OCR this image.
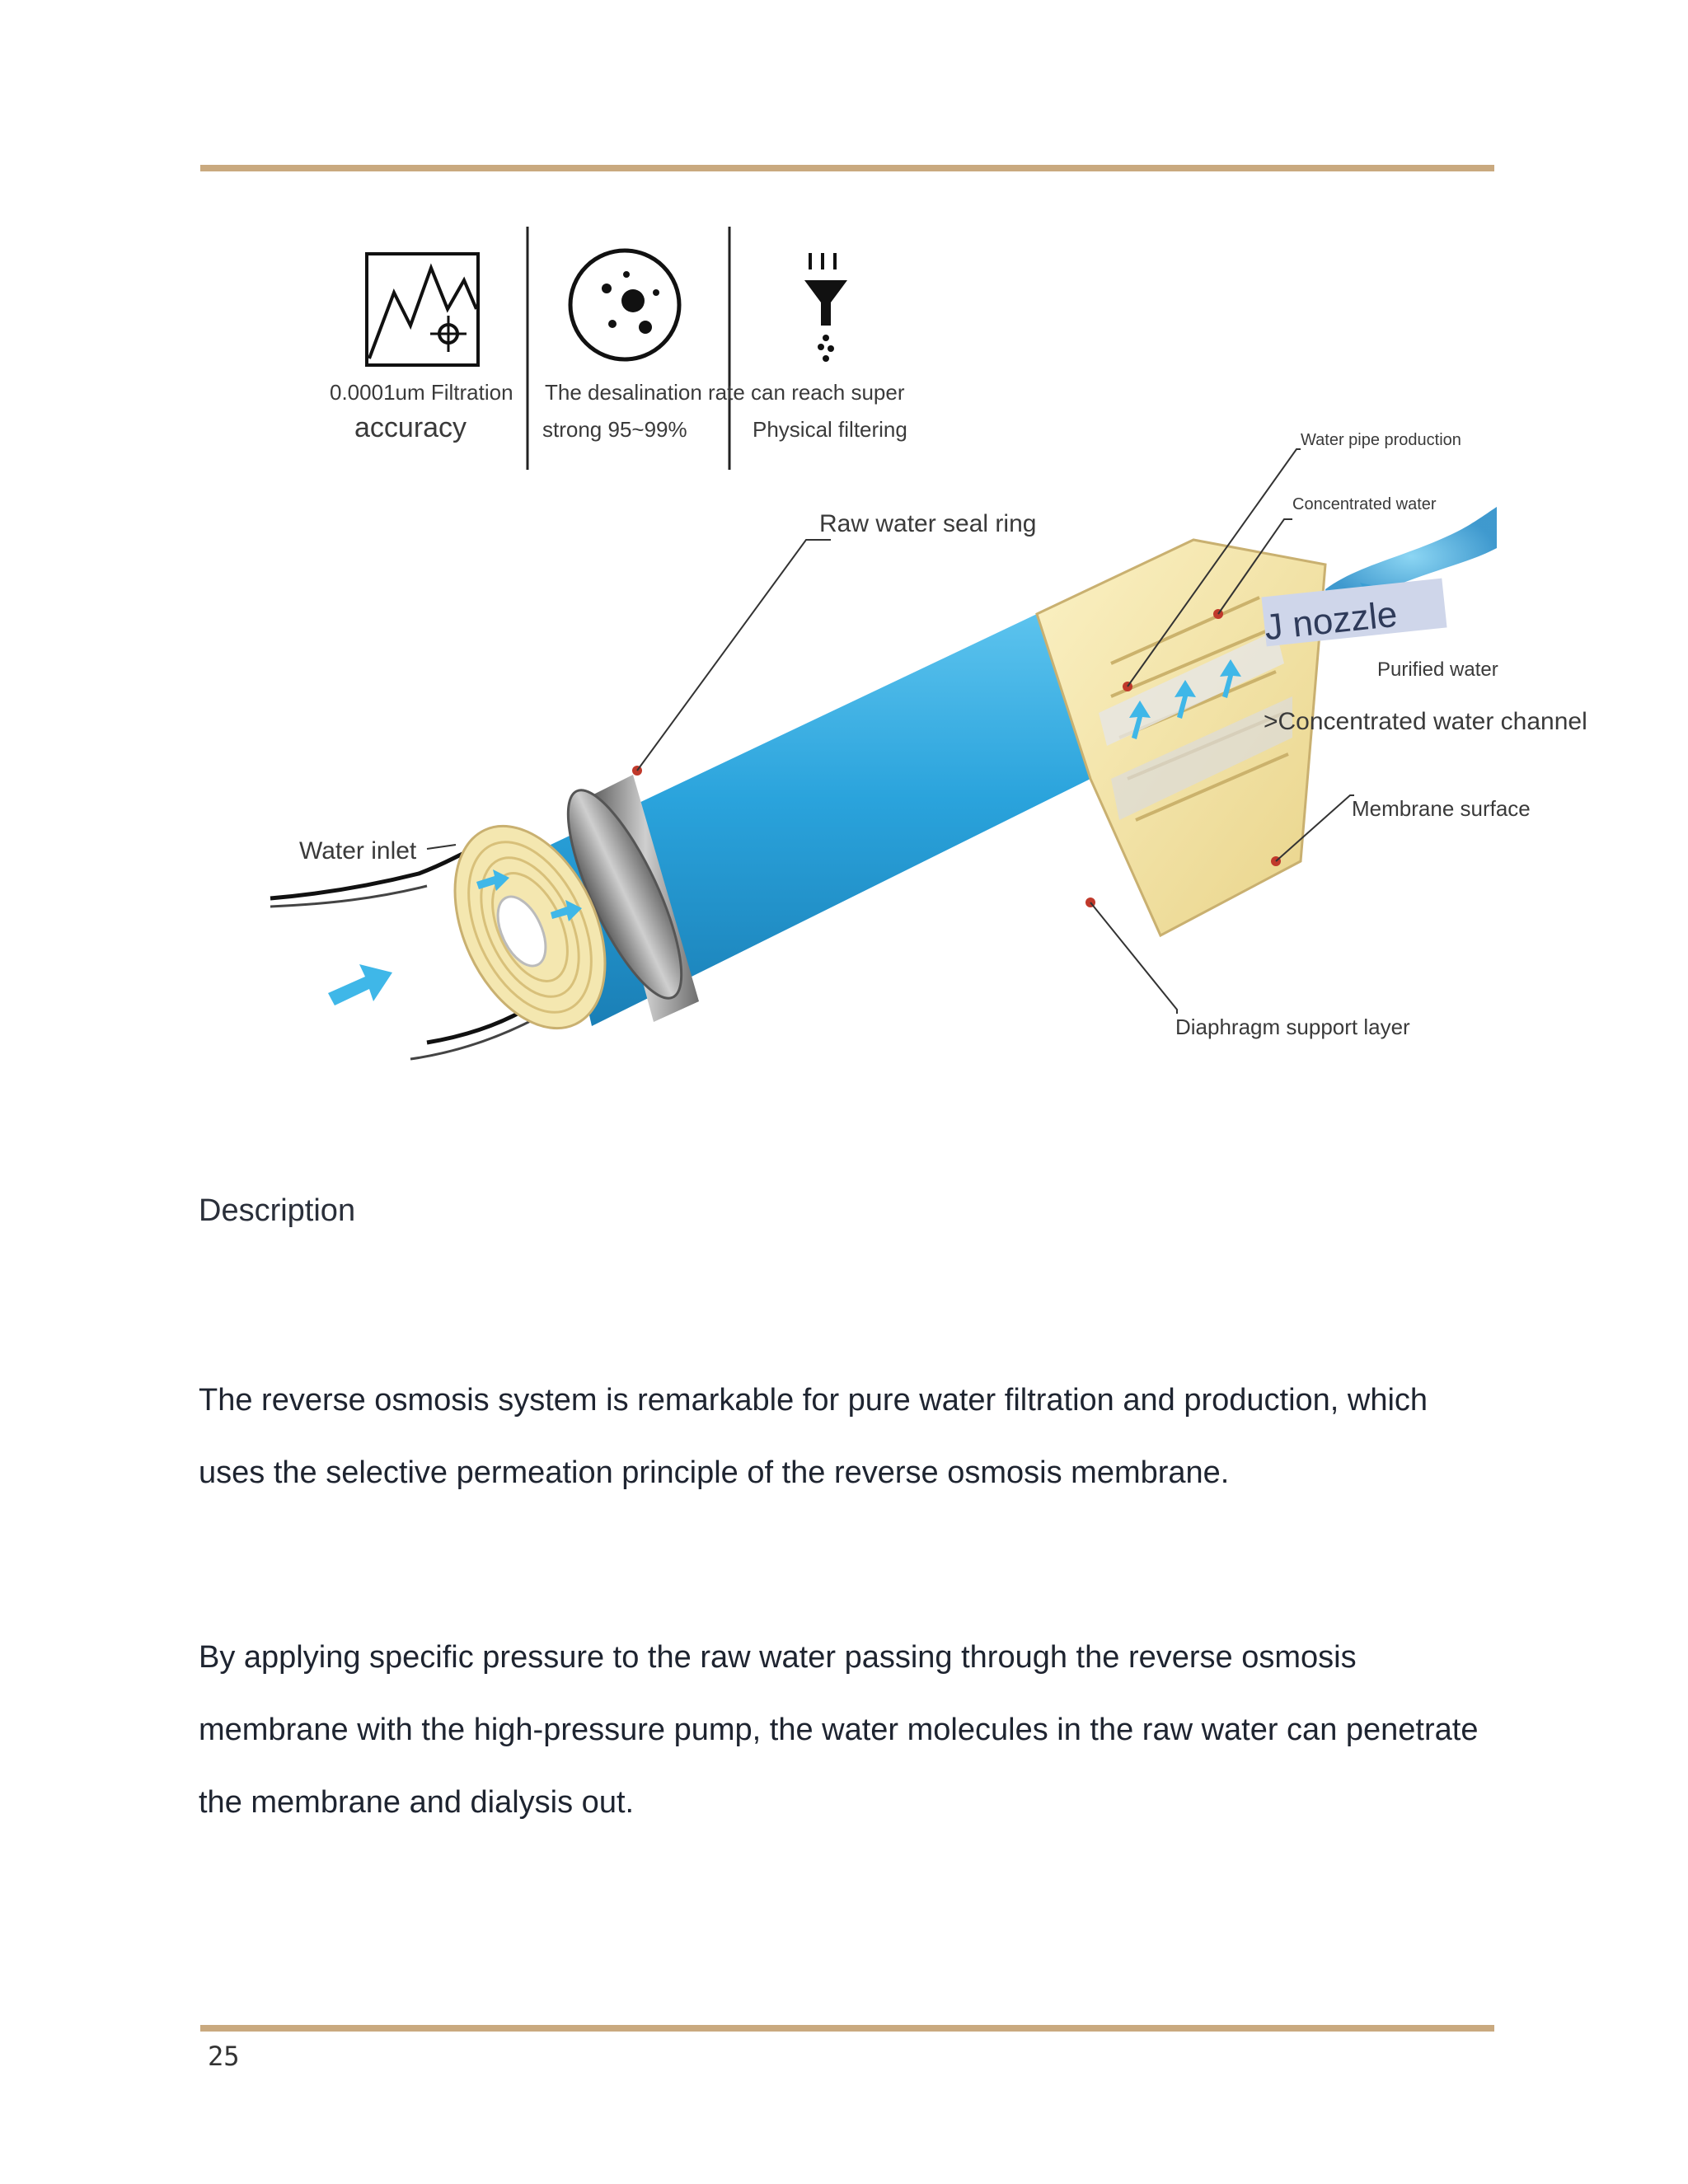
0.0001um Filtration
accuracy
The desalination rate can reach super
strong 95~99%	Physical filtering
Raw water seal ring
Water pipe production
Concentrated water
J nozzle
Purified water
>Concentrated water channel
Membrane surface
Water inlet
Diaphragm support layer
Description
The reverse osmosis system is remarkable for pure water filtration and production, which uses the selective permeation principle of the reverse osmosis membrane.
By applying specific pressure to the raw water passing through the reverse osmosis membrane with the high-pressure pump, the water molecules in the raw water can penetrate the membrane and dialysis out.
25
